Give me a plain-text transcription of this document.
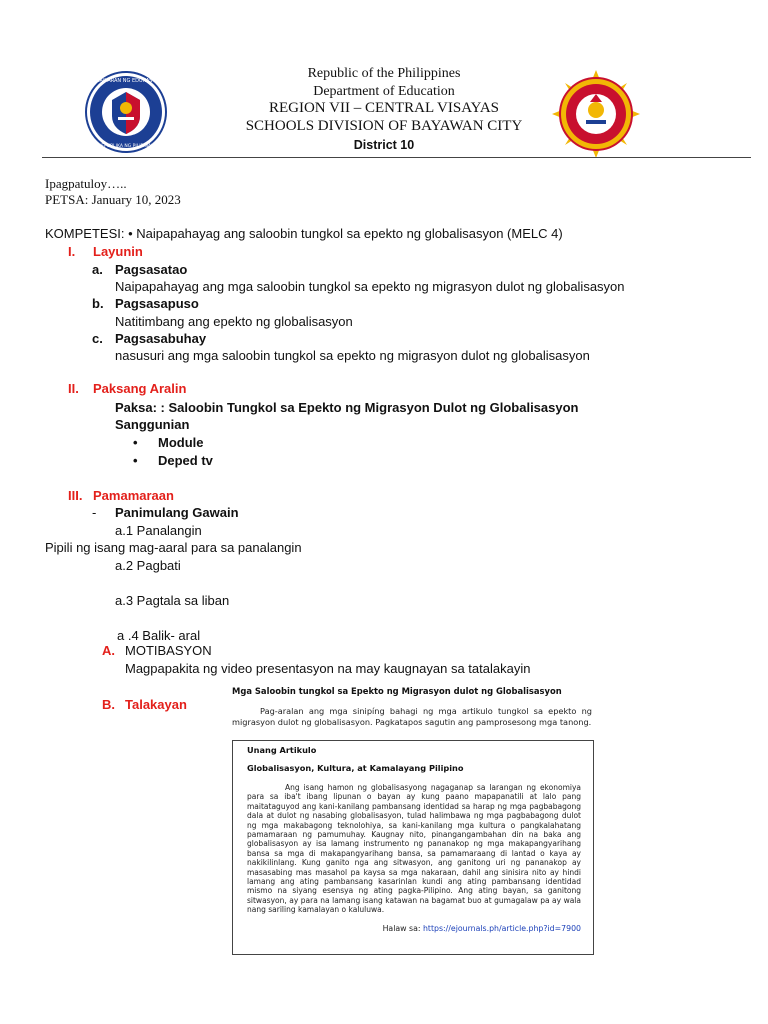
KAGAWARAN NG EDUKASYON
REPUBLIKA NG PILIPINAS
Republic of the Philippines
Department of Education
REGION VII – CENTRAL VISAYAS
SCHOOLS DIVISION OF BAYAWAN CITY
District 10
Ipagpatuloy…..
PETSA: January 10, 2023
KOMPETESI: • Naipapahayag ang saloobin tungkol sa epekto ng globalisasyon (MELC 4)
I. Layunin
a. Pagsasatao
Naipapahayag ang mga saloobin tungkol sa epekto ng migrasyon dulot ng globalisasyon
b. Pagsasapuso
Natitimbang ang epekto ng globalisasyon
c. Pagsasabuhay
nasusuri ang mga saloobin tungkol sa epekto ng migrasyon dulot ng globalisasyon
II. Paksang Aralin
Paksa: : Saloobin Tungkol sa Epekto ng Migrasyon Dulot ng Globalisasyon
Sanggunian
• Module
• Deped tv
III. Pamamaraan
- Panimulang Gawain
a.1 Panalangin
Pipili ng isang mag-aaral para sa panalangin
a.2 Pagbati
a.3 Pagtala sa liban
a .4 Balik- aral
A. MOTIBASYON
Magpapakita ng video presentasyon na may kaugnayan sa tatalakayin
B. Talakayan
Mga Saloobin tungkol sa Epekto ng Migrasyon dulot ng Globalisasyon
Pag-aralan ang mga sinipíng bahagi ng mga artikulo tungkol sa epekto ng migrasyon dulot ng globalisasyon. Pagkatapos sagutin ang pamprosesong mga tanong.
Unang Artikulo
Globalisasyon, Kultura, at Kamalayang Pilipino
Ang isang hamon ng globalisasyong nagaganap sa larangan ng ekonomiya para sa iba't ibang lipunan o bayan ay kung paano mapapanatili at lalo pang maitataguyod ang kani-kanilang pambansang identidad sa harap ng mga pagbabagong dala at dulot ng nasabing globalisasyon, tulad halimbawa ng mga pagbabagong dulot ng mga makabagong teknolohiya, sa kani-kanilang mga kultura o pangkalahatang pamamaraan ng pamumuhay. Kaugnay nito, pinangangambahan din na baka ang globalisasyon ay isa lamang instrumento ng pananakop ng mga makapangyarihang bansa sa mga di makapangyarihang bansa, sa pamamaraang di lantad o kaya ay nakikilinlang. Kung ganito nga ang sitwasyon, ang ganitong uri ng pananakop ay masasabing mas masahol pa kaysa sa mga nakaraan, dahil ang sinisira nito ay hindi lamang ang ating pambansang kasarinlan kundi ang ating pambansang identidad mismo na siyang esensya ng ating pagka-Pilipino. Ang ating bayan, sa ganitong sitwasyon, ay para na lamang isang katawan na bagamat buo at gumagalaw pa ay wala nang sariling kamalayan o kaluluwa.
Halaw sa: https://ejournals.ph/article.php?id=7900
